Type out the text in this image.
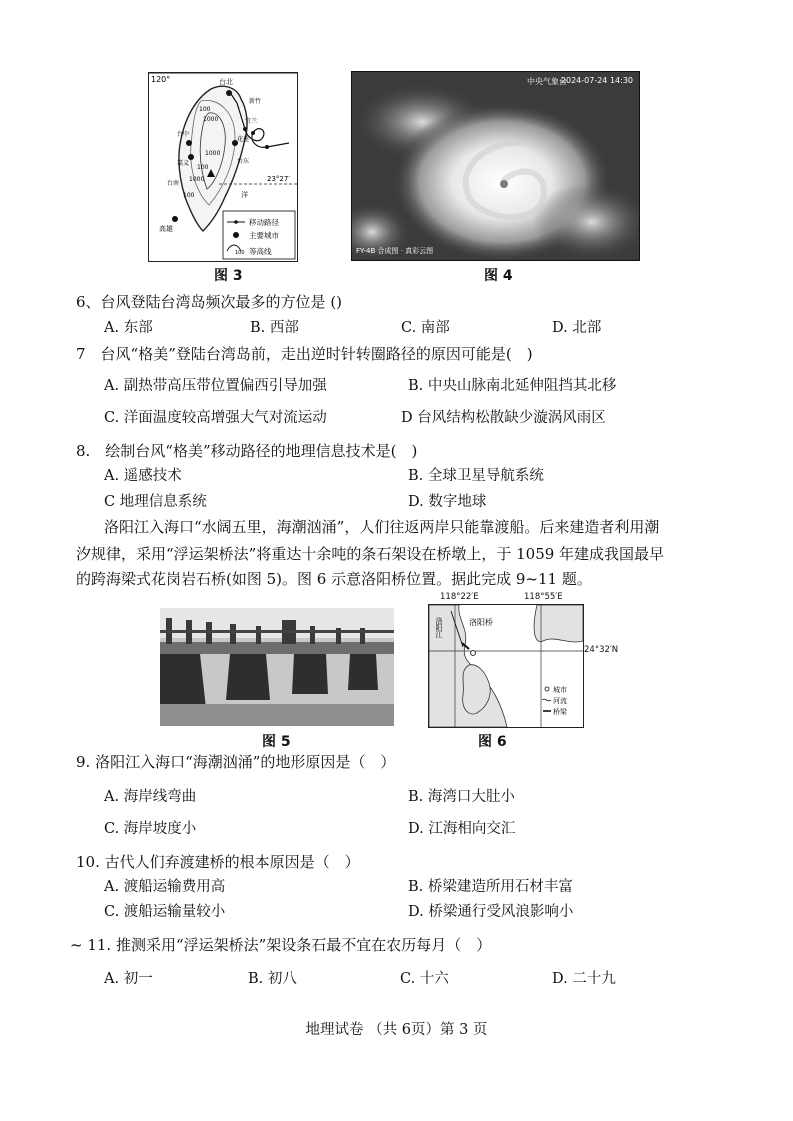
120°
23°27′
台北
新竹
台中
嘉义
台南
高雄
台东
花莲
宜兰
100
1000
1000
100
1000
100	洋
移动路径
主要城市
100 等高线
图 3
中央气象台
2024-07-24 14:30
FY-4B 合成图 · 真彩云图
图 4
6、台风登陆台湾岛频次最多的方位是 ()
A. 东部	B. 西部	C. 南部	D. 北部
7　台风“格美”登陆台湾岛前，走出逆时针转圈路径的原因可能是(　)
A. 副热带高压带位置偏西引导加强	B. 中央山脉南北延伸阻挡其北移
C. 洋面温度较高增强大气对流运动	D 台风结构松散缺少漩涡风雨区
8.　绘制台风“格美”移动路径的地理信息技术是(　)
A. 遥感技术	B. 全球卫星导航系统
C 地理信息系统	D. 数字地球
洛阳江入海口“水阔五里，海潮汹涌”，人们往返两岸只能靠渡船。后来建造者利用潮
汐规律，采用“浮运架桥法”将重达十余吨的条石架设在桥墩上，于 1059 年建成我国最早
的跨海梁式花岗岩石桥(如图 5)。图 6 示意洛阳桥位置。据此完成 9~11 题。
图 5
洛阳江	洛阳桥
城市
河流
桥梁
118°22′E	118°55′E
24°32′N
图 6
9. 洛阳江入海口“海潮汹涌”的地形原因是（　）
A. 海岸线弯曲	B. 海湾口大肚小
C. 海岸坡度小	D. 江海相向交汇
10. 古代人们弃渡建桥的根本原因是（　）
A. 渡船运输费用高	B. 桥梁建造所用石材丰富
C. 渡船运输量较小	D. 桥梁通行受风浪影响小
~ 11. 推测采用“浮运架桥法”架设条石最不宜在农历每月（　）
A. 初一	B. 初八	C. 十六	D. 二十九
地理试卷 （共 6页）第 3 页
